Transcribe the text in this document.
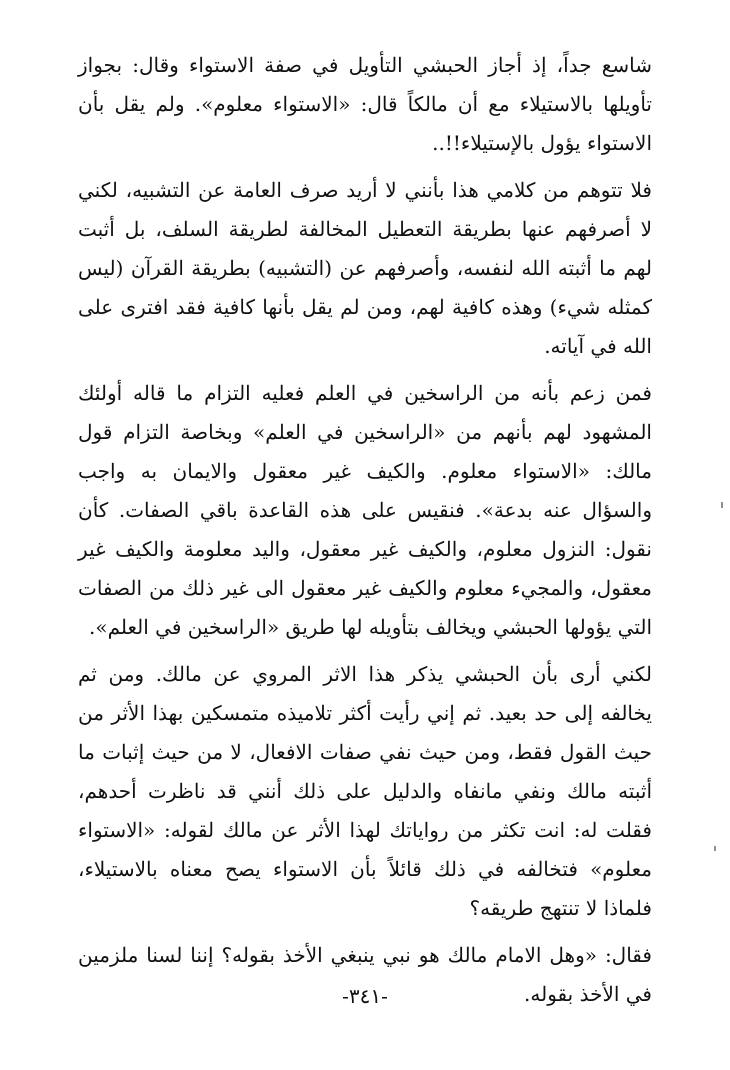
شاسع جداً، إذ أجاز الحبشي التأويل في صفة الاستواء وقال: بجواز تأويلها بالاستيلاء مع أن مالكاً قال: «الاستواء معلوم». ولم يقل بأن الاستواء يؤول بالإستيلاء!!..

فلا تتوهم من كلامي هذا بأنني لا أريد صرف العامة عن التشبيه، لكني لا أصرفهم عنها بطريقة التعطيل المخالفة لطريقة السلف، بل أثبت لهم ما أثبته الله لنفسه، وأصرفهم عن (التشبيه) بطريقة القرآن (ليس كمثله شيء) وهذه كافية لهم، ومن لم يقل بأنها كافية فقد افترى على الله في آياته.

فمن زعم بأنه من الراسخين في العلم فعليه التزام ما قاله أولئك المشهود لهم بأنهم من «الراسخين في العلم» وبخاصة التزام قول مالك: «الاستواء معلوم. والكيف غير معقول والايمان به واجب والسؤال عنه بدعة». فنقيس على هذه القاعدة باقي الصفات. كأن نقول: النزول معلوم، والكيف غير معقول، واليد معلومة والكيف غير معقول، والمجيء معلوم والكيف غير معقول الى غير ذلك من الصفات التي يؤولها الحبشي ويخالف بتأويله لها طريق «الراسخين في العلم».

لكني أرى بأن الحبشي يذكر هذا الاثر المروي عن مالك. ومن ثم يخالفه إلى حد بعيد. ثم إني رأيت أكثر تلاميذه متمسكين بهذا الأثر من حيث القول فقط، ومن حيث نفي صفات الافعال، لا من حيث إثبات ما أثبته مالك ونفي مانفاه والدليل على ذلك أنني قد ناظرت أحدهم، فقلت له: انت تكثر من رواياتك لهذا الأثر عن مالك لقوله: «الاستواء معلوم» فتخالفه في ذلك قائلاً بأن الاستواء يصح معناه بالاستيلاء، فلماذا لا تنتهج طريقه؟

فقال: «وهل الامام مالك هو نبي ينبغي الأخذ بقوله؟ إننا لسنا ملزمين في الأخذ بقوله.

-٣٤١-
